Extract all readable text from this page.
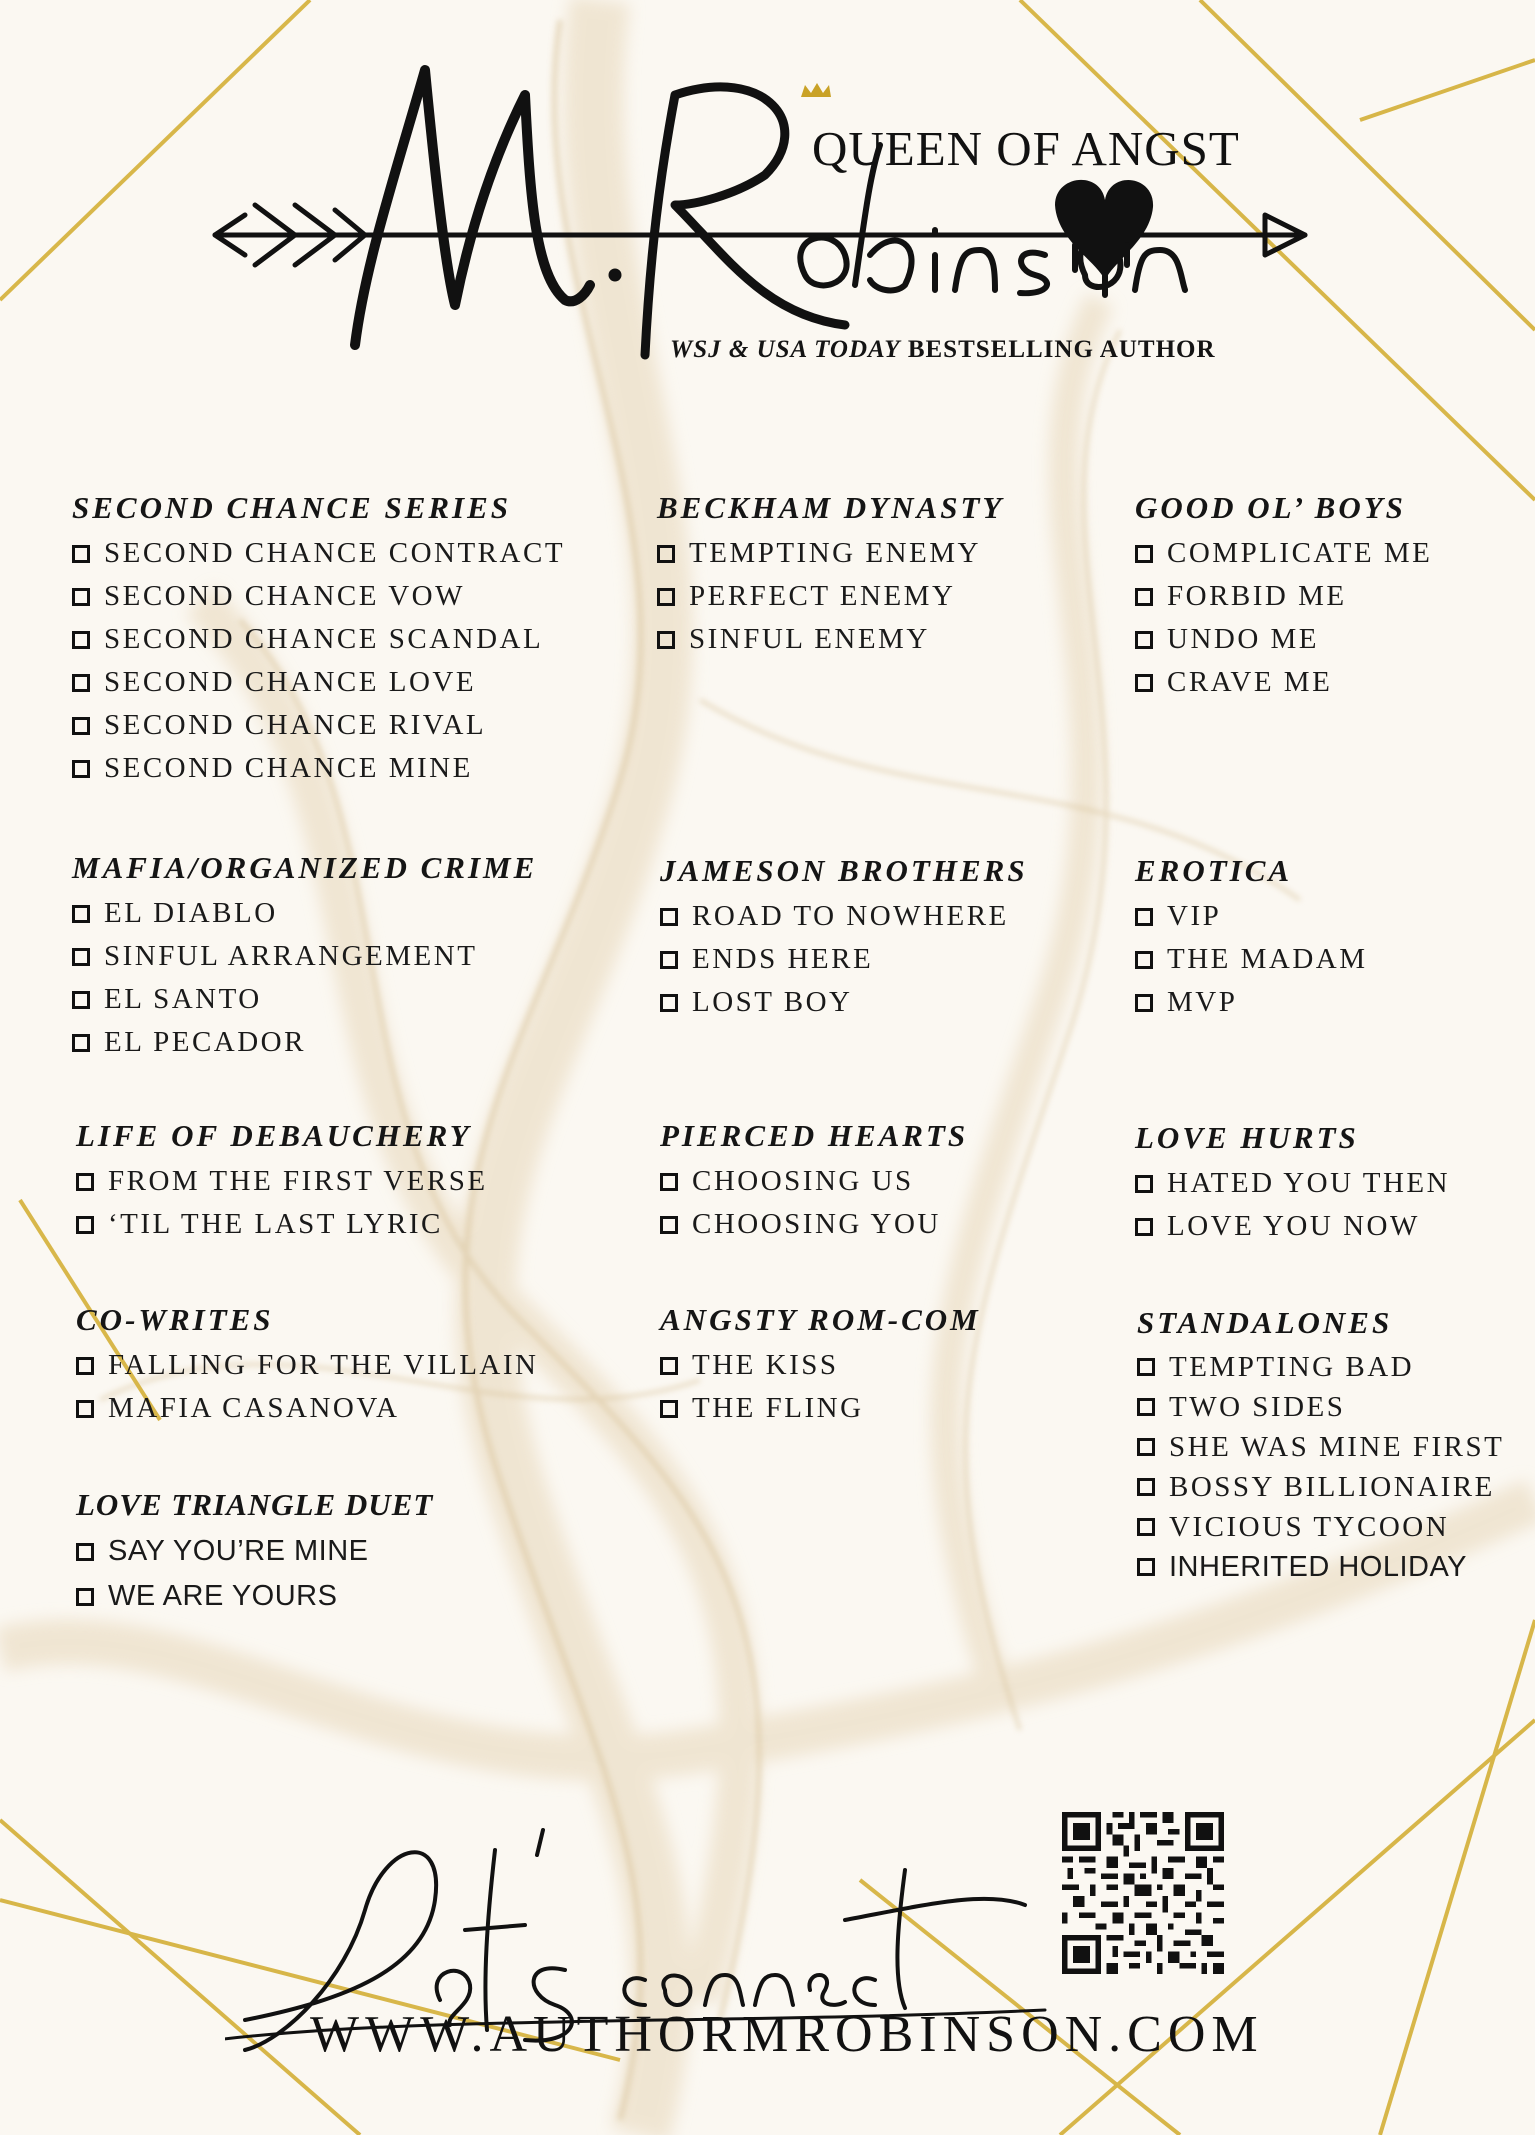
QUEEN OF ANGST
WSJ & USA TODAY BESTSELLING AUTHOR
SECOND CHANCE SERIES
SECOND CHANCE CONTRACT
SECOND CHANCE VOW
SECOND CHANCE SCANDAL
SECOND CHANCE LOVE
SECOND CHANCE RIVAL
SECOND CHANCE MINE
MAFIA/ORGANIZED CRIME
EL DIABLO
SINFUL ARRANGEMENT
EL SANTO
EL PECADOR
LIFE OF DEBAUCHERY
FROM THE FIRST VERSE
‘TIL THE LAST LYRIC
CO-WRITES
FALLING FOR THE VILLAIN
MAFIA CASANOVA
LOVE TRIANGLE DUET
SAY YOU’RE MINE
WE ARE YOURS
BECKHAM DYNASTY
TEMPTING ENEMY
PERFECT ENEMY
SINFUL ENEMY
JAMESON BROTHERS
ROAD TO NOWHERE
ENDS HERE
LOST BOY
PIERCED HEARTS
CHOOSING US
CHOOSING YOU
ANGSTY ROM-COM
THE KISS
THE FLING
GOOD OL’ BOYS
COMPLICATE ME
FORBID ME
UNDO ME
CRAVE ME
EROTICA
VIP
THE MADAM
MVP
LOVE HURTS
HATED YOU THEN
LOVE YOU NOW
STANDALONES
TEMPTING BAD
TWO SIDES
SHE WAS MINE FIRST
BOSSY BILLIONAIRE
VICIOUS TYCOON
INHERITED HOLIDAY
WWW.AUTHORMROBINSON.COM
